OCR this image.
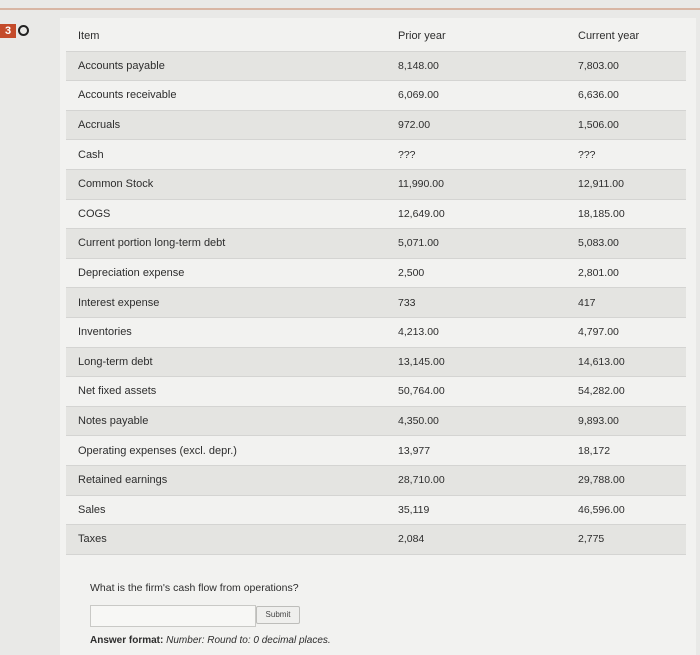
3	Item	Prior year	Current year
Accounts payable	8,148.00	7,803.00
Accounts receivable	6,069.00	6,636.00
Accruals	972.00	1,506.00
Cash	???	???
Common Stock	11,990.00	12,911.00
COGS	12,649.00	18,185.00
Current portion long-term debt	5,071.00	5,083.00
Depreciation expense	2,500	2,801.00
Interest expense	733	417
Inventories	4,213.00	4,797.00
Long-term debt	13,145.00	14,613.00
Net fixed assets	50,764.00	54,282.00
Notes payable	4,350.00	9,893.00
Operating expenses (excl. depr.)	13,977	18,172
Retained earnings	28,710.00	29,788.00
Sales	35,119	46,596.00
Taxes	2,084	2,775
What is the firm's cash flow from operations?
Submit
Answer format: Number: Round to: 0 decimal places.
